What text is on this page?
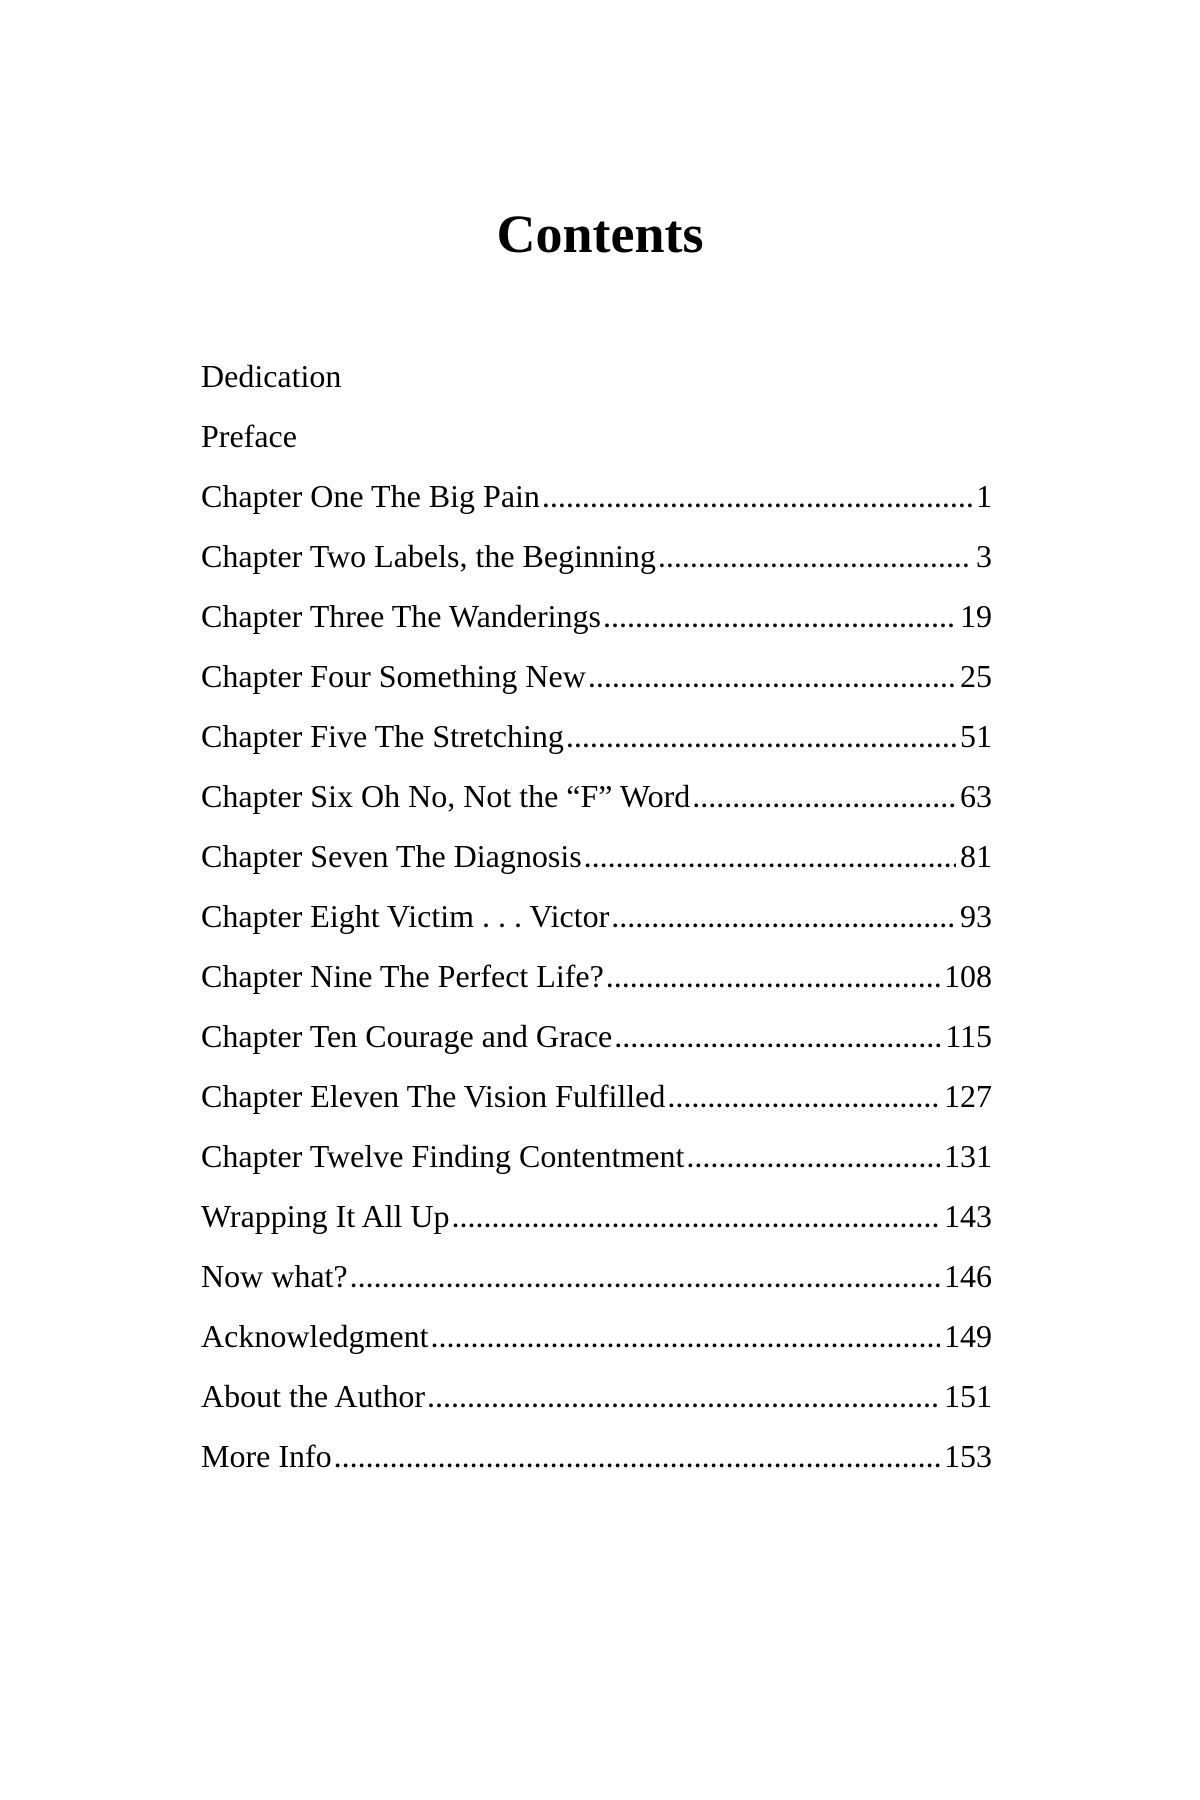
Contents
Dedication
Preface
Chapter One The Big Pain .....	1
Chapter Two Labels, the Beginning .....	3
Chapter Three The Wanderings .....	19
Chapter Four Something New .....	25
Chapter Five The Stretching .....	51
Chapter Six Oh No, Not the “F” Word .....	63
Chapter Seven The Diagnosis .....	81
Chapter Eight Victim . . . Victor .....	93
Chapter Nine The Perfect Life? .....	108
Chapter Ten Courage and Grace .....	115
Chapter Eleven The Vision Fulfilled .....	127
Chapter Twelve Finding Contentment .....	131
Wrapping It All Up .....	143
Now what? .....	146
Acknowledgment .....	149
About the Author .....	151
More Info .....	153
